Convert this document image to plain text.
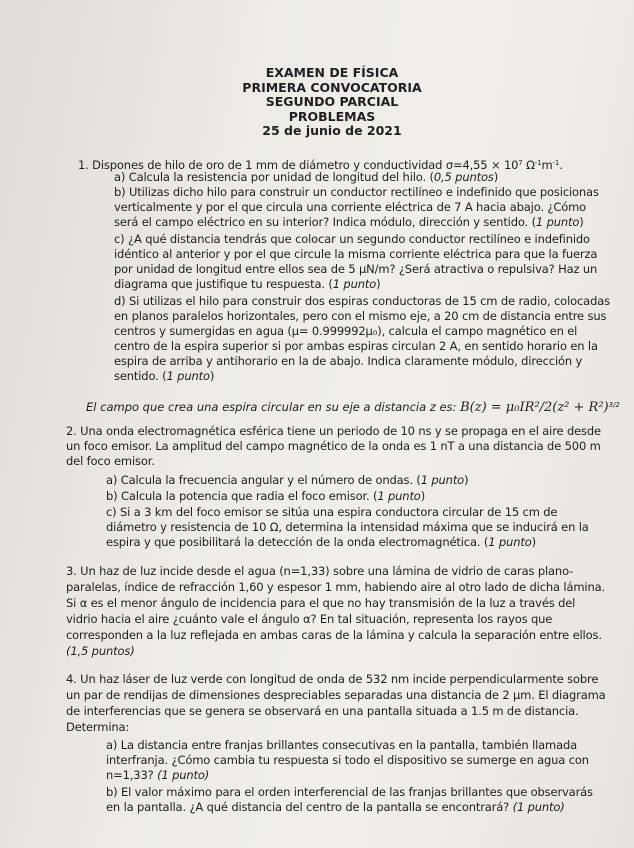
EXAMEN DE FÍSICA
PRIMERA CONVOCATORIA
SEGUNDO PARCIAL
PROBLEMAS
25 de junio de 2021
1. Dispones de hilo de oro de 1 mm de diámetro y conductividad $\sigma=4,55 \times 10^7$ $\Omega^{-1}m^{-1}$.
a) Calcula la resistencia por unidad de longitud del hilo. (0,5 puntos)
b) Utilizas dicho hilo para construir un conductor rectilíneo e indefinido que posicionas
verticalmente y por el que circula una corriente eléctrica de 7 A hacia abajo. ¿Cómo
será el campo eléctrico en su interior? Indica módulo, dirección y sentido. (1 punto)
c) ¿A qué distancia tendrás que colocar un segundo conductor rectilíneo e indefinido
idéntico al anterior y por el que circule la misma corriente eléctrica para que la fuerza
por unidad de longitud entre ellos sea de 5 μN/m? ¿Será atractiva o repulsiva? Haz un
diagrama que justifique tu respuesta. (1 punto)
d) Si utilizas el hilo para construir dos espiras conductoras de 15 cm de radio, colocadas
en planos paralelos horizontales, pero con el mismo eje, a 20 cm de distancia entre sus
centros y sumergidas en agua (μ= 0.999992μ₀), calcula el campo magnético en el
centro de la espira superior si por ambas espiras circulan 2 A, en sentido horario en la
espira de arriba y antihorario en la de abajo. Indica claramente módulo, dirección y
sentido. (1 punto)
El campo que crea una espira circular en su eje a distancia z es: $B(z) = \mu_0IR^2/2(z^2 + R^2)^{3/2}$
2. Una onda electromagnética esférica tiene un periodo de 10 ns y se propaga en el aire desde
un foco emisor. La amplitud del campo magnético de la onda es 1 nT a una distancia de 500 m
del foco emisor.
a) Calcula la frecuencia angular y el número de ondas. (1 punto)
b) Calcula la potencia que radia el foco emisor. (1 punto)
c) Si a 3 km del foco emisor se sitúa una espira conductora circular de 15 cm de
diámetro y resistencia de 10 Ω, determina la intensidad máxima que se inducirá en la
espira y que posibilitará la detección de la onda electromagnética. (1 punto)
3. Un haz de luz incide desde el agua (n=1,33) sobre una lámina de vidrio de caras plano-
paralelas, índice de refracción 1,60 y espesor 1 mm, habiendo aire al otro lado de dicha lámina.
Si α es el menor ángulo de incidencia para el que no hay transmisión de la luz a través del
vidrio hacia el aire ¿cuánto vale el ángulo α? En tal situación, representa los rayos que
corresponden a la luz reflejada en ambas caras de la lámina y calcula la separación entre ellos.
(1,5 puntos)
4. Un haz láser de luz verde con longitud de onda de 532 nm incide perpendicularmente sobre
un par de rendijas de dimensiones despreciables separadas una distancia de 2 μm. El diagrama
de interferencias que se genera se observará en una pantalla situada a 1.5 m de distancia.
Determina:
a) La distancia entre franjas brillantes consecutivas en la pantalla, también llamada
interfranja. ¿Cómo cambia tu respuesta si todo el dispositivo se sumerge en agua con
n=1,33? (1 punto)
b) El valor máximo para el orden interferencial de las franjas brillantes que observarás
en la pantalla. ¿A qué distancia del centro de la pantalla se encontrará? (1 punto)
